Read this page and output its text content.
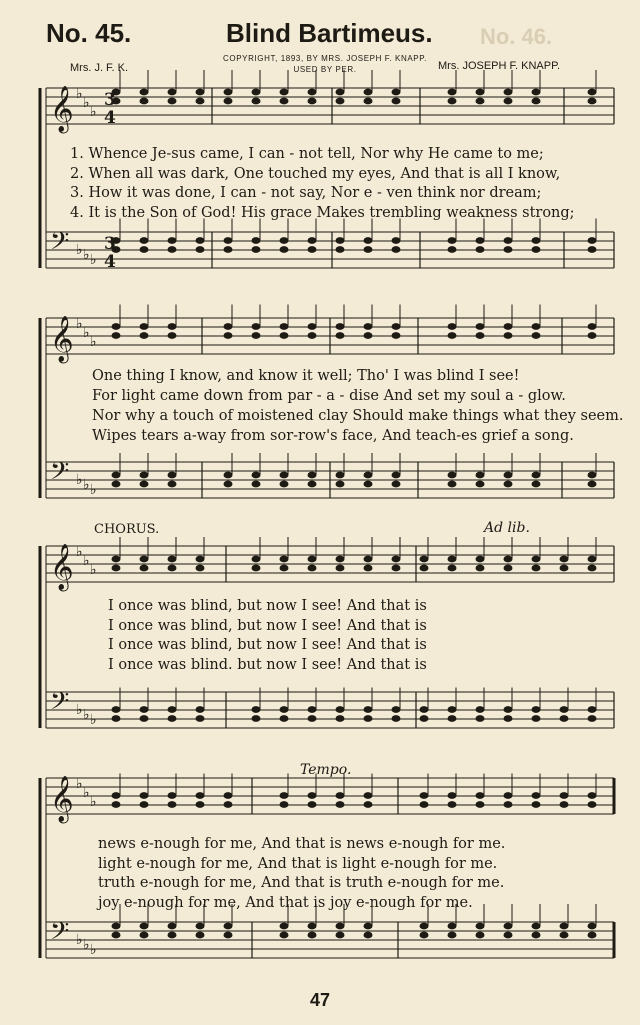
No. 45.	Blind Bartimeus. No. 46.
COPYRIGHT, 1893, BY MRS. JOSEPH F. KNAPP.
USED BY PER.
Mrs. J. F. K.	Mrs. JOSEPH F. KNAPP.
𝄞 ♭
♭
♭
𝄢 ♭ ♭ ♭
𝄞 ♭
♭
♭
𝄢 ♭ ♭ ♭
𝄞 ♭
♭
♭
𝄢 ♭ ♭ ♭
𝄞 ♭
♭
♭
𝄢 ♭ ♭ ♭
3
4
3
4
1. Whence Je-sus came, I can - not tell, Nor why He came to me;
2. When all was dark, One touched my eyes, And that is all I know,
3. How it was done, I can - not say, Nor e - ven think nor dream;
4. It is the Son of God! His grace Makes trembling weakness strong;
One thing I know, and know it well; Tho' I was blind I see!
For light came down from par - a - dise And set my soul a - glow.
Nor why a touch of moistened clay Should make things what they seem.
Wipes tears a-way from sor-row's face, And teach-es grief a song.
CHORUS.	Ad lib.
I once was blind, but now I see! And that is
I once was blind, but now I see! And that is
I once was blind, but now I see! And that is
I once was blind. but now I see! And that is
Tempo.
news e-nough for me, And that is news e-nough for me.
light e-nough for me, And that is light e-nough for me.
truth e-nough for me, And that is truth e-nough for me.
joy e-nough for me, And that is joy e-nough for me.
47
